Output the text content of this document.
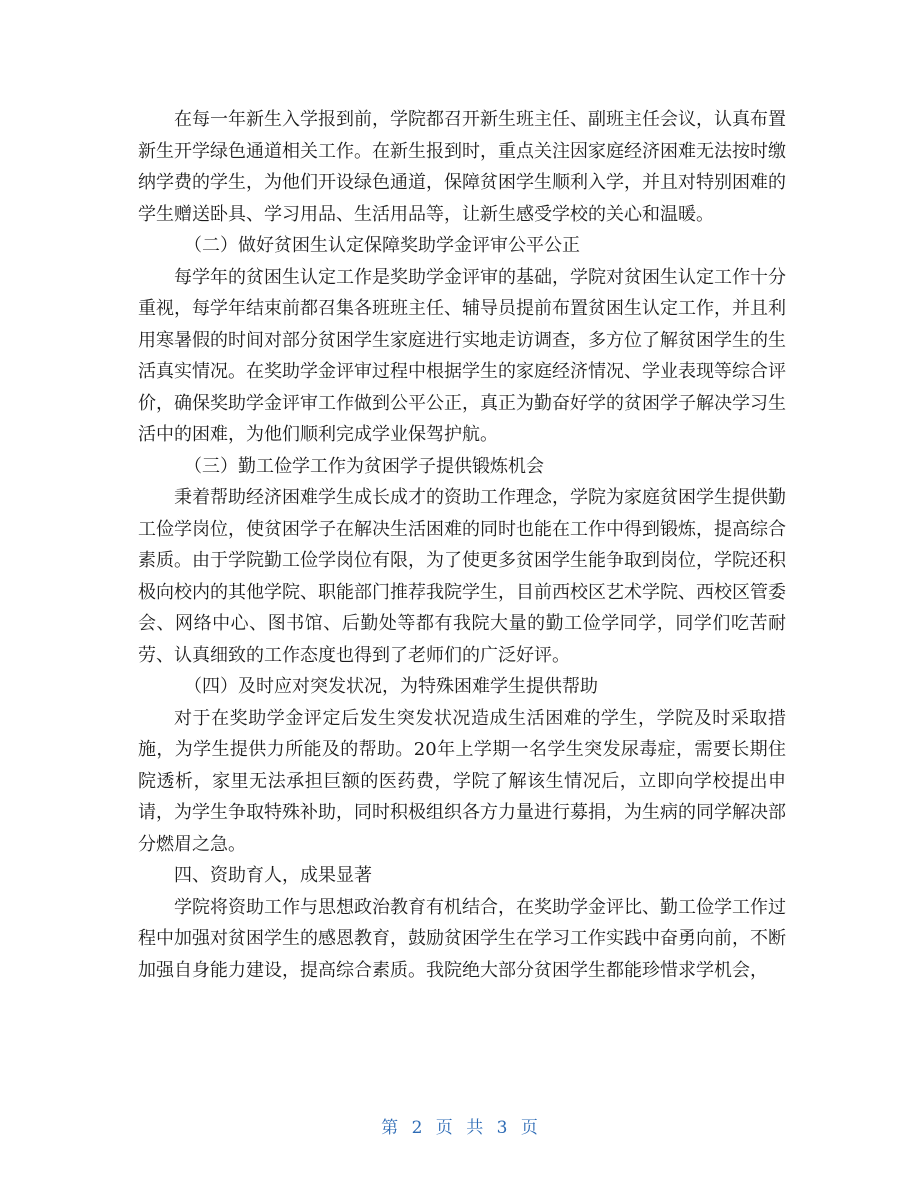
在每一年新生入学报到前，学院都召开新生班主任、副班主任会议，认真布置新生开学绿色通道相关工作。在新生报到时，重点关注因家庭经济困难无法按时缴纳学费的学生，为他们开设绿色通道，保障贫困学生顺利入学，并且对特别困难的学生赠送卧具、学习用品、生活用品等，让新生感受学校的关心和温暖。

（二）做好贫困生认定保障奖助学金评审公平公正

每学年的贫困生认定工作是奖助学金评审的基础，学院对贫困生认定工作十分重视，每学年结束前都召集各班班主任、辅导员提前布置贫困生认定工作，并且利用寒暑假的时间对部分贫困学生家庭进行实地走访调查，多方位了解贫困学生的生活真实情况。在奖助学金评审过程中根据学生的家庭经济情况、学业表现等综合评价，确保奖助学金评审工作做到公平公正，真正为勤奋好学的贫困学子解决学习生活中的困难，为他们顺利完成学业保驾护航。

（三）勤工俭学工作为贫困学子提供锻炼机会

秉着帮助经济困难学生成长成才的资助工作理念，学院为家庭贫困学生提供勤工俭学岗位，使贫困学子在解决生活困难的同时也能在工作中得到锻炼，提高综合素质。由于学院勤工俭学岗位有限，为了使更多贫困学生能争取到岗位，学院还积极向校内的其他学院、职能部门推荐我院学生，目前西校区艺术学院、西校区管委会、网络中心、图书馆、后勤处等都有我院大量的勤工俭学同学，同学们吃苦耐劳、认真细致的工作态度也得到了老师们的广泛好评。

（四）及时应对突发状况，为特殊困难学生提供帮助

对于在奖助学金评定后发生突发状况造成生活困难的学生，学院及时采取措施，为学生提供力所能及的帮助。20年上学期一名学生突发尿毒症，需要长期住院透析，家里无法承担巨额的医药费，学院了解该生情况后，立即向学校提出申请，为学生争取特殊补助，同时积极组织各方力量进行募捐，为生病的同学解决部分燃眉之急。

四、资助育人，成果显著

学院将资助工作与思想政治教育有机结合，在奖助学金评比、勤工俭学工作过程中加强对贫困学生的感恩教育，鼓励贫困学生在学习工作实践中奋勇向前，不断加强自身能力建设，提高综合素质。我院绝大部分贫困学生都能珍惜求学机会，

第 2 页 共 3 页
